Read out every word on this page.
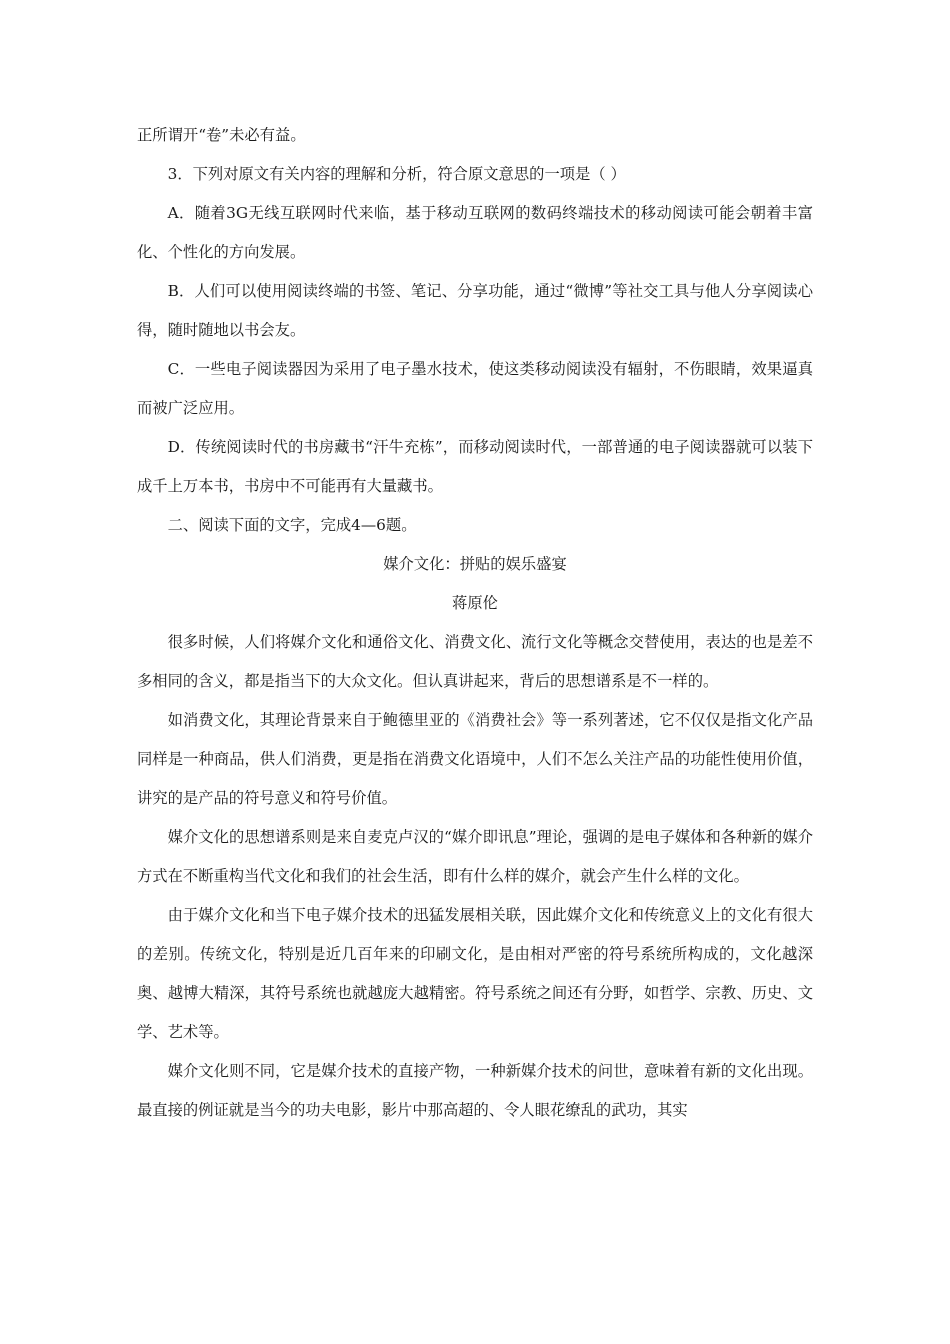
正所谓开“卷”未必有益。

3．下列对原文有关内容的理解和分析，符合原文意思的一项是（ ）

A．随着3G无线互联网时代来临，基于移动互联网的数码终端技术的移动阅读可能会朝着丰富化、个性化的方向发展。

B．人们可以使用阅读终端的书签、笔记、分享功能，通过“微博”等社交工具与他人分享阅读心得，随时随地以书会友。

C．一些电子阅读器因为采用了电子墨水技术，使这类移动阅读没有辐射，不伤眼睛，效果逼真而被广泛应用。

D．传统阅读时代的书房藏书“汗牛充栋”，而移动阅读时代，一部普通的电子阅读器就可以装下成千上万本书，书房中不可能再有大量藏书。

二、阅读下面的文字，完成4—6题。

媒介文化：拼贴的娱乐盛宴

蒋原伦

很多时候，人们将媒介文化和通俗文化、消费文化、流行文化等概念交替使用，表达的也是差不多相同的含义，都是指当下的大众文化。但认真讲起来，背后的思想谱系是不一样的。

如消费文化，其理论背景来自于鲍德里亚的《消费社会》等一系列著述，它不仅仅是指文化产品同样是一种商品，供人们消费，更是指在消费文化语境中，人们不怎么关注产品的功能性使用价值，讲究的是产品的符号意义和符号价值。

媒介文化的思想谱系则是来自麦克卢汉的“媒介即讯息”理论，强调的是电子媒体和各种新的媒介方式在不断重构当代文化和我们的社会生活，即有什么样的媒介，就会产生什么样的文化。

由于媒介文化和当下电子媒介技术的迅猛发展相关联，因此媒介文化和传统意义上的文化有很大的差别。传统文化，特别是近几百年来的印刷文化，是由相对严密的符号系统所构成的，文化越深奥、越博大精深，其符号系统也就越庞大越精密。符号系统之间还有分野，如哲学、宗教、历史、文学、艺术等。

媒介文化则不同，它是媒介技术的直接产物，一种新媒介技术的问世，意味着有新的文化出现。最直接的例证就是当今的功夫电影，影片中那高超的、令人眼花缭乱的武功，其实
